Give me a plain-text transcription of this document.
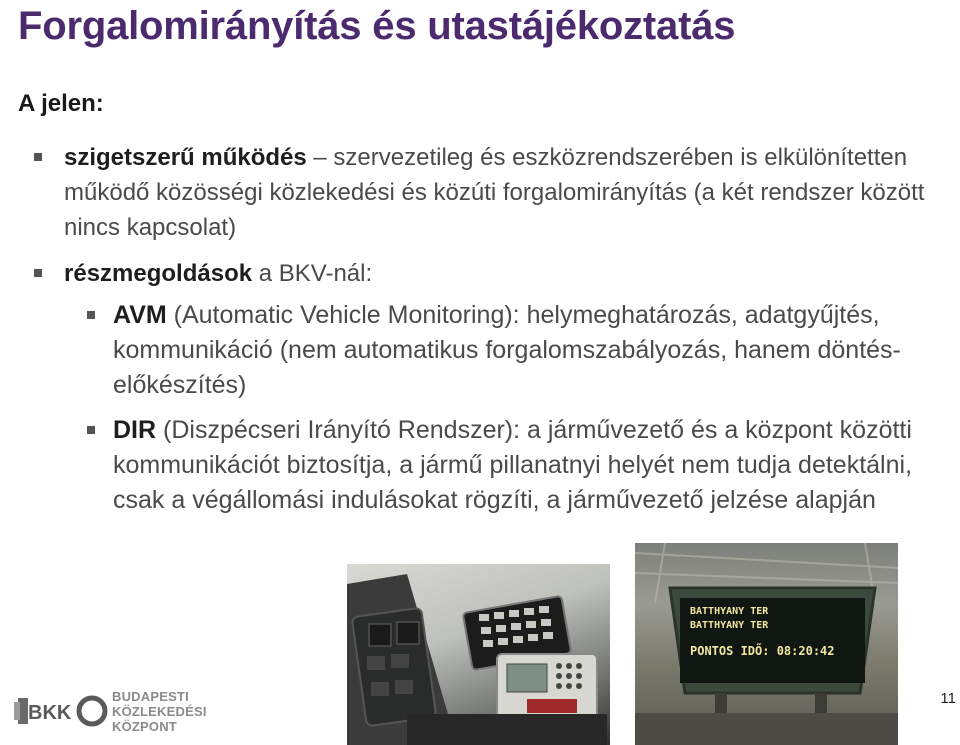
Forgalomirányítás és utastájékoztatás

A jelen:

szigetszerű működés – szervezetileg és eszközrendszerében is elkülönítetten működő közösségi közlekedési és közúti forgalomirányítás (a két rendszer között nincs kapcsolat)
részmegoldások a BKV-nál:
AVM (Automatic Vehicle Monitoring): helymeghatározás, adatgyűjtés, kommunikáció (nem automatikus forgalomszabályozás, hanem döntés-előkészítés)
DIR (Diszpécseri Irányító Rendszer): a járművezető és a központ közötti kommunikációt biztosítja, a jármű pillanatnyi helyét nem tudja detektálni, csak a végállomási indulásokat rögzíti, a járművezető jelzése alapján
BATTHYANY TER
BATTHYANY TER
PONTOS IDŐ: 08:20:42
BKK
BUDAPESTI
KÖZLEKEDÉSI
KÖZPONT
11
